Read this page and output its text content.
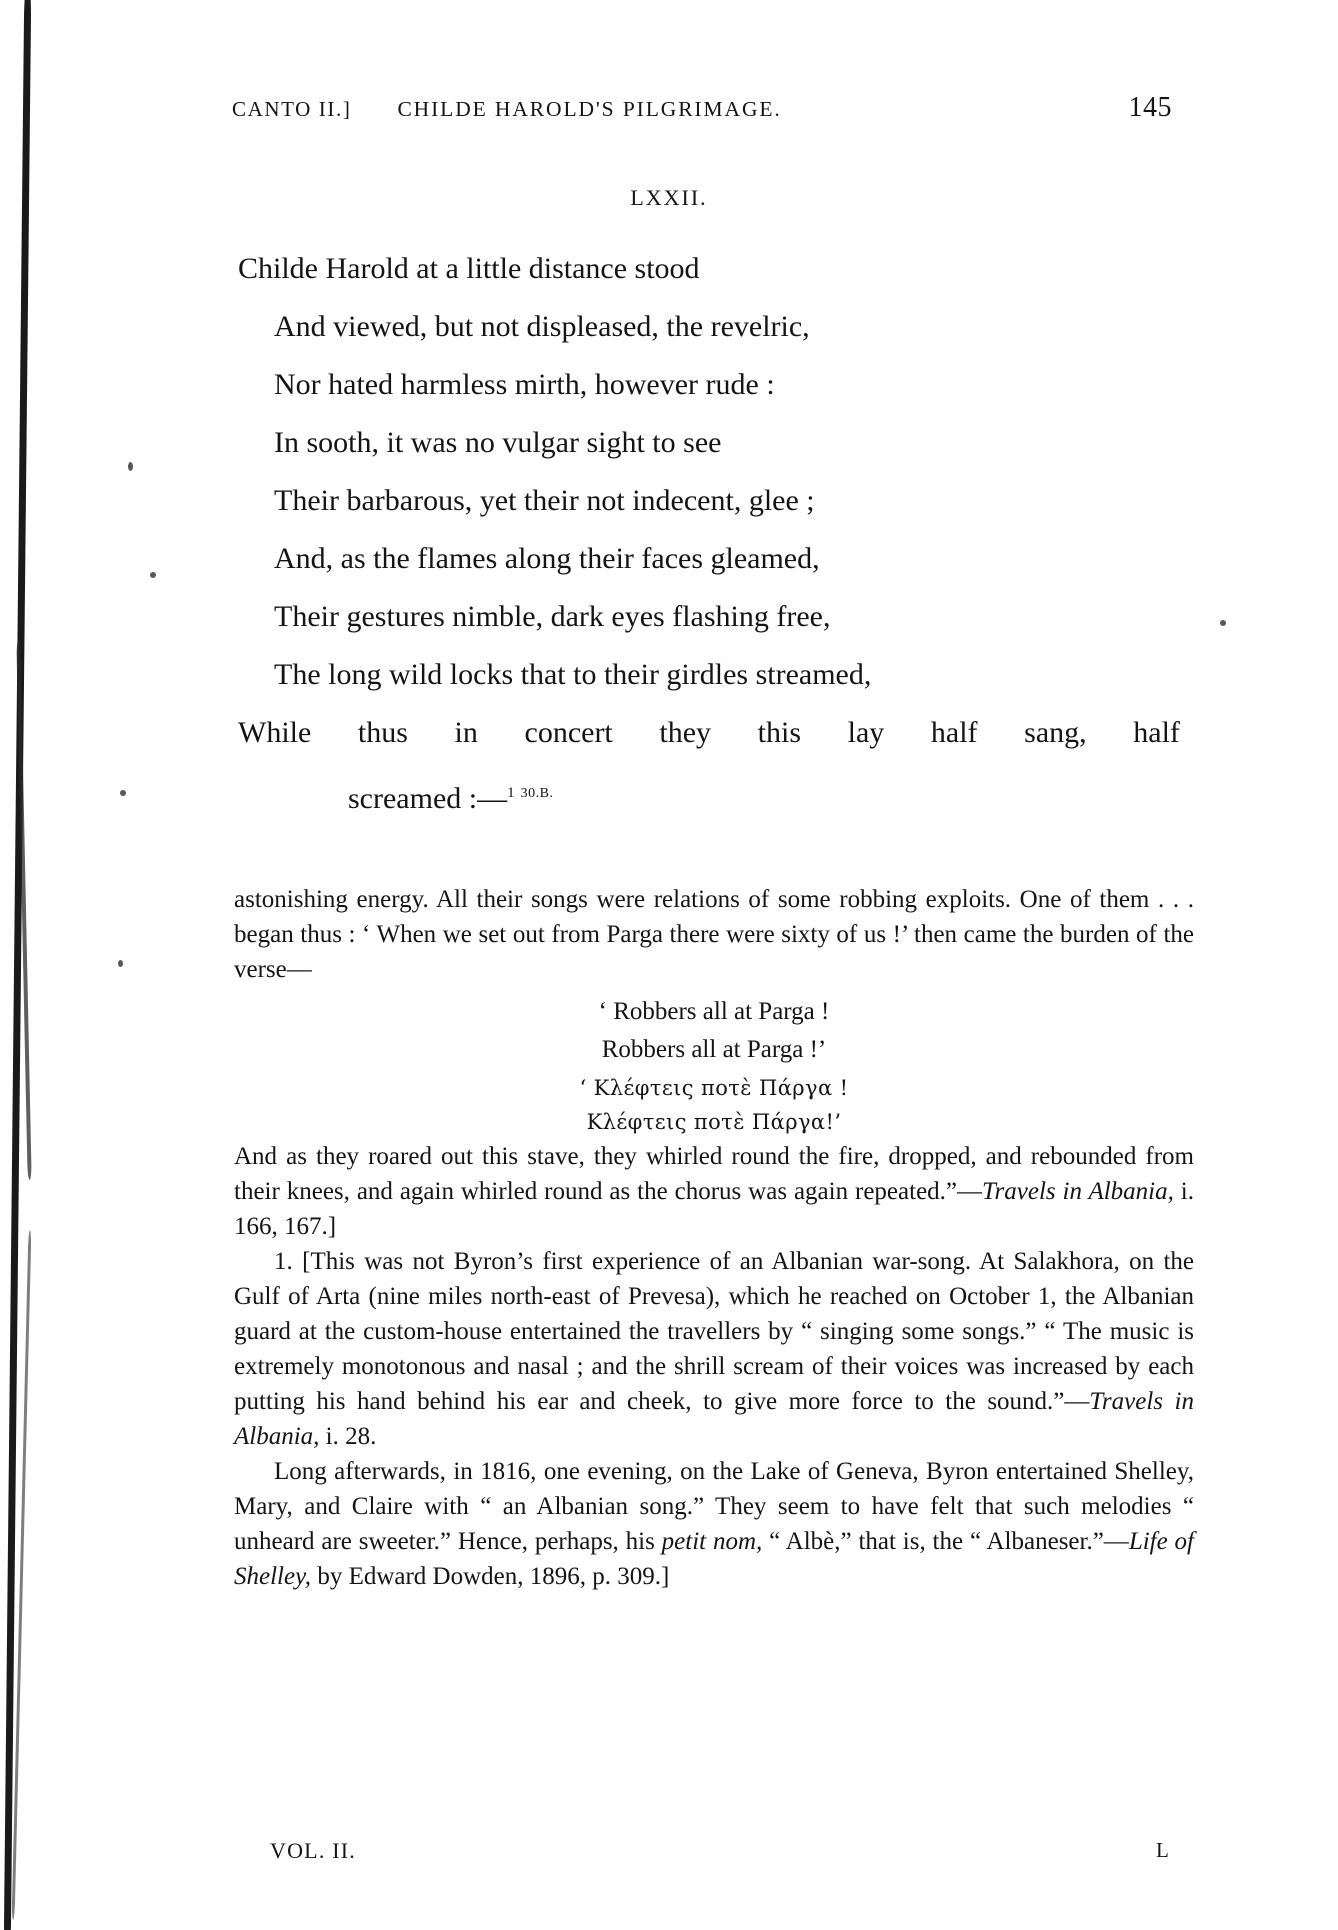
CANTO II.] CHILDE HAROLD'S PILGRIMAGE.	145
LXXII.
Childe Harold at a little distance stood
And viewed, but not displeased, the revelric,
Nor hated harmless mirth, however rude :
In sooth, it was no vulgar sight to see
Their barbarous, yet their not indecent, glee ;
And, as the flames along their faces gleamed,
Their gestures nimble, dark eyes flashing free,
The long wild locks that to their girdles streamed,
While thus in concert they this lay half sang, half
screamed :—$^1$ $^{30.B.}$

astonishing energy. All their songs were relations of some robbing exploits. One of them . . . began thus : ‘ When we set out from Parga there were sixty of us !’ then came the burden of the verse—

‘ Robbers all at Parga !
Robbers all at Parga !’
‘ Κλέφτεις ποτὲ Πάργα !
Κλέφτεις ποτὲ Πάργα!’

And as they roared out this stave, they whirled round the fire, dropped, and rebounded from their knees, and again whirled round as the chorus was again repeated.”—Travels in Albania, i. 166, 167.]

1. [This was not Byron’s first experience of an Albanian war-song. At Salakhora, on the Gulf of Arta (nine miles north-east of Prevesa), which he reached on October 1, the Albanian guard at the custom-house entertained the travellers by “ singing some songs.” “ The music is extremely monotonous and nasal ; and the shrill scream of their voices was increased by each putting his hand behind his ear and cheek, to give more force to the sound.”—Travels in Albania, i. 28.

Long afterwards, in 1816, one evening, on the Lake of Geneva, Byron entertained Shelley, Mary, and Claire with “ an Albanian song.” They seem to have felt that such melodies “ unheard are sweeter.” Hence, perhaps, his petit nom, “ Albè,” that is, the “ Albaneser.”—Life of Shelley, by Edward Dowden, 1896, p. 309.]

VOL. II.	L
